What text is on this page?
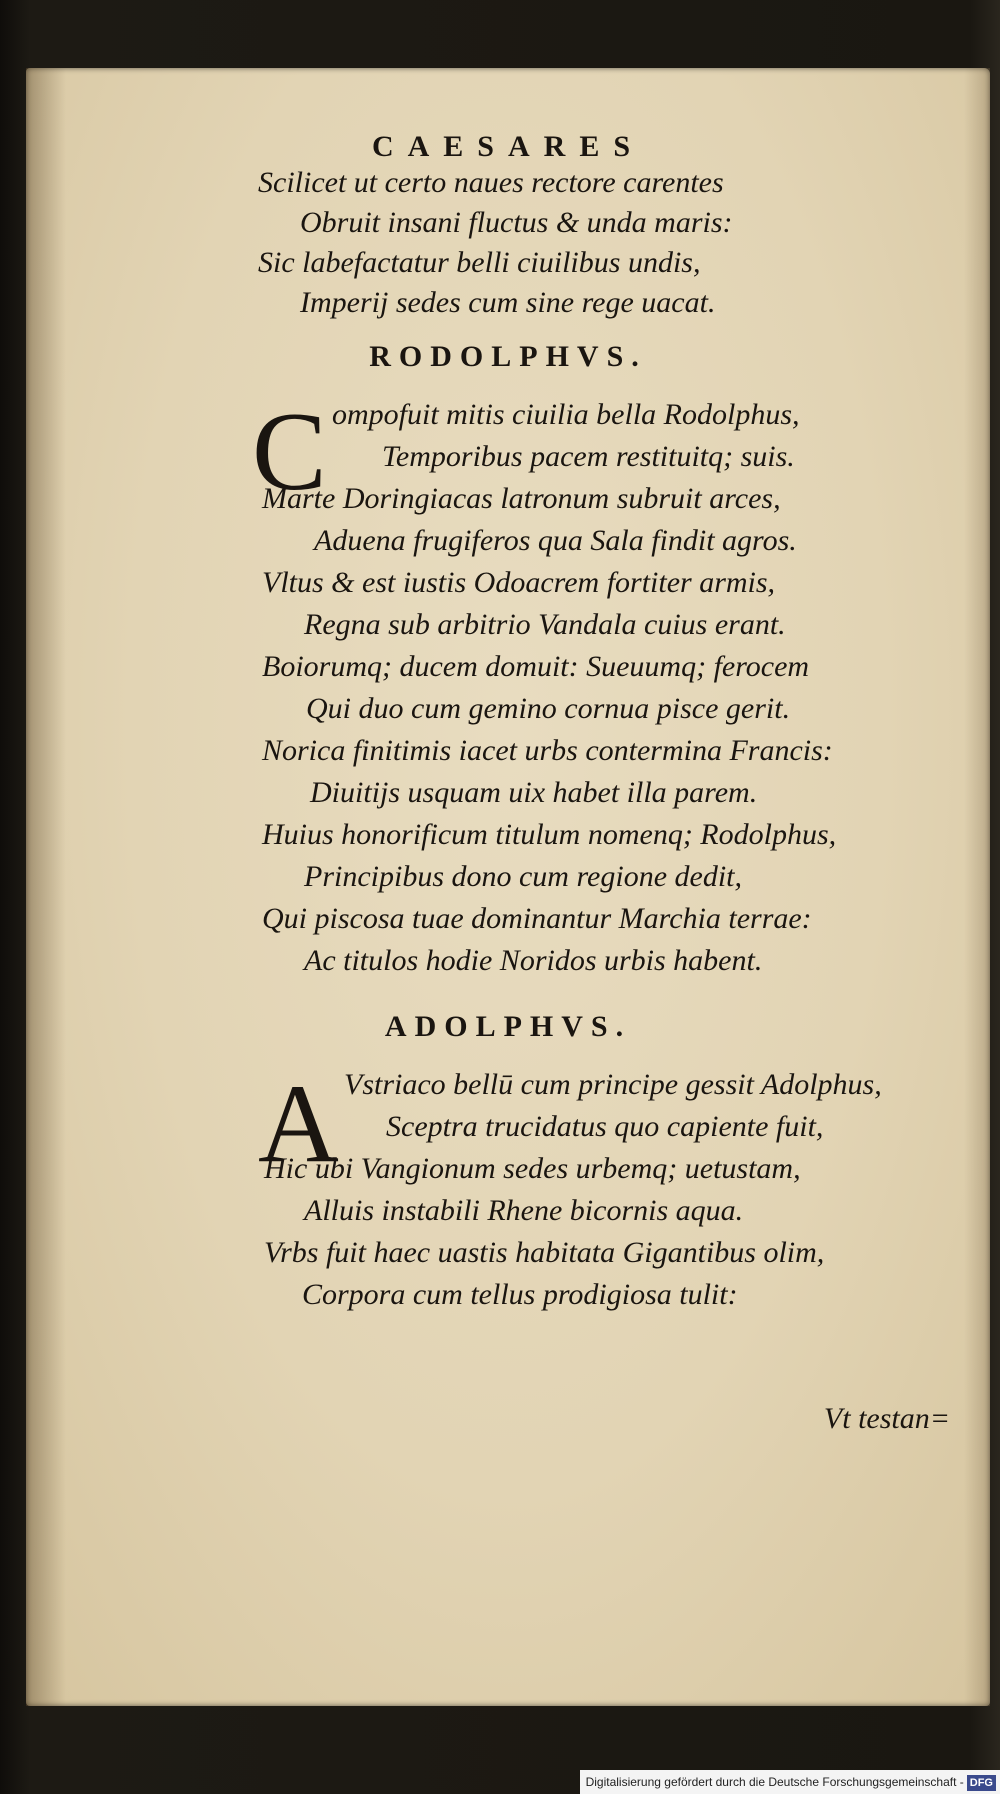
CAESARES
Scilicet ut certo naues rectore carentes
Obruit insani fluctus & unda maris:
Sic labefactatur belli ciuilibus undis,
Imperij sedes cum sine rege uacat.
RODOLPHVS.
C ompofuit mitis ciuilia bella Rodolphus,
Temporibus pacem restituitq; suis.
Marte Doringiacas latronum subruit arces,
Aduena frugiferos qua Sala findit agros.
Vltus & est iustis Odoacrem fortiter armis,
Regna sub arbitrio Vandala cuius erant.
Boiorumq; ducem domuit: Sueuumq; ferocem
Qui duo cum gemino cornua pisce gerit.
Norica finitimis iacet urbs contermina Francis:
Diuitijs usquam uix habet illa parem.
Huius honorificum titulum nomenq; Rodolphus,
Principibus dono cum regione dedit,
Qui piscosa tuae dominantur Marchia terrae:
Ac titulos hodie Noridos urbis habent.
ADOLPHVS.
A Vstriaco bellū cum principe gessit Adolphus,
Sceptra trucidatus quo capiente fuit,
Hic ubi Vangionum sedes urbemq; uetustam,
Alluis instabili Rhene bicornis aqua.
Vrbs fuit haec uastis habitata Gigantibus olim,
Corpora cum tellus prodigiosa tulit:
Vt testan=
Digitalisierung gefördert durch die Deutsche Forschungsgemeinschaft - DFG
